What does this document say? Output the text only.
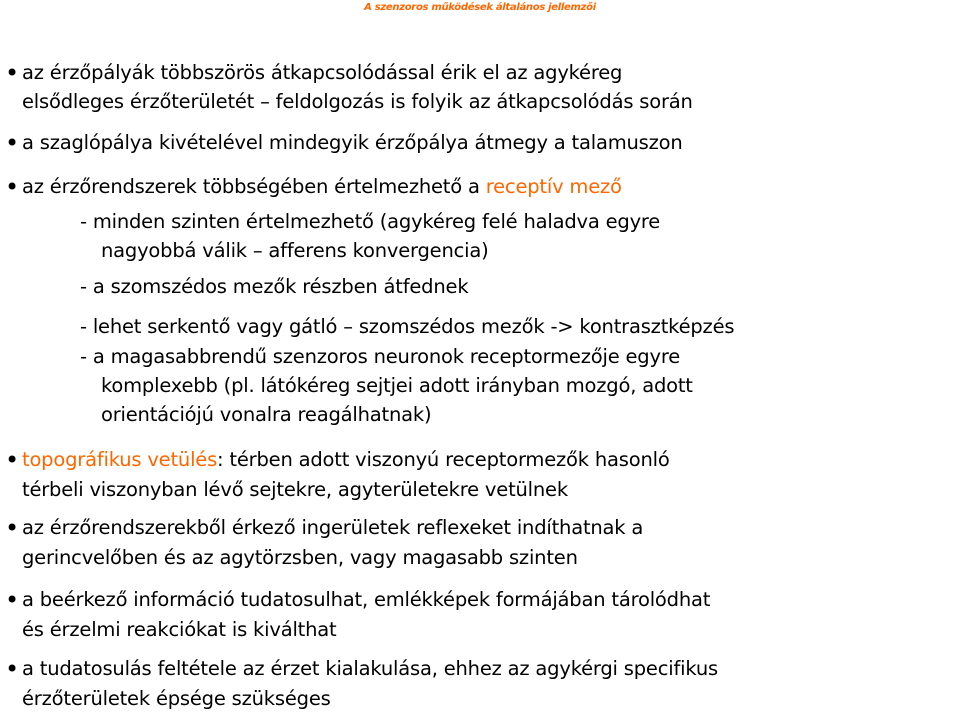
A szenzoros működések általános jellemzői
• az érzőpályák többszörös átkapcsolódással érik el az agykéreg
elsődleges érzőterületét – feldolgozás is folyik az átkapcsolódás során
• a szaglópálya kivételével mindegyik érzőpálya átmegy a talamuszon
• az érzőrendszerek többségében értelmezhető a receptív mező
- minden szinten értelmezhető (agykéreg felé haladva egyre
nagyobbá válik – afferens konvergencia)
- a szomszédos mezők részben átfednek
- lehet serkentő vagy gátló – szomszédos mezők -> kontrasztképzés
- a magasabbrendű szenzoros neuronok receptormezője egyre
komplexebb (pl. látókéreg sejtjei adott irányban mozgó, adott
orientációjú vonalra reagálhatnak)
• topográfikus vetülés: térben adott viszonyú receptormezők hasonló
térbeli viszonyban lévő sejtekre, agyterületekre vetülnek
• az érzőrendszerekből érkező ingerületek reflexeket indíthatnak a
gerincvelőben és az agytörzsben, vagy magasabb szinten
• a beérkező információ tudatosulhat, emlékképek formájában tárolódhat
és érzelmi reakciókat is kiválthat
• a tudatosulás feltétele az érzet kialakulása, ehhez az agykérgi specifikus
érzőterületek épsége szükséges
